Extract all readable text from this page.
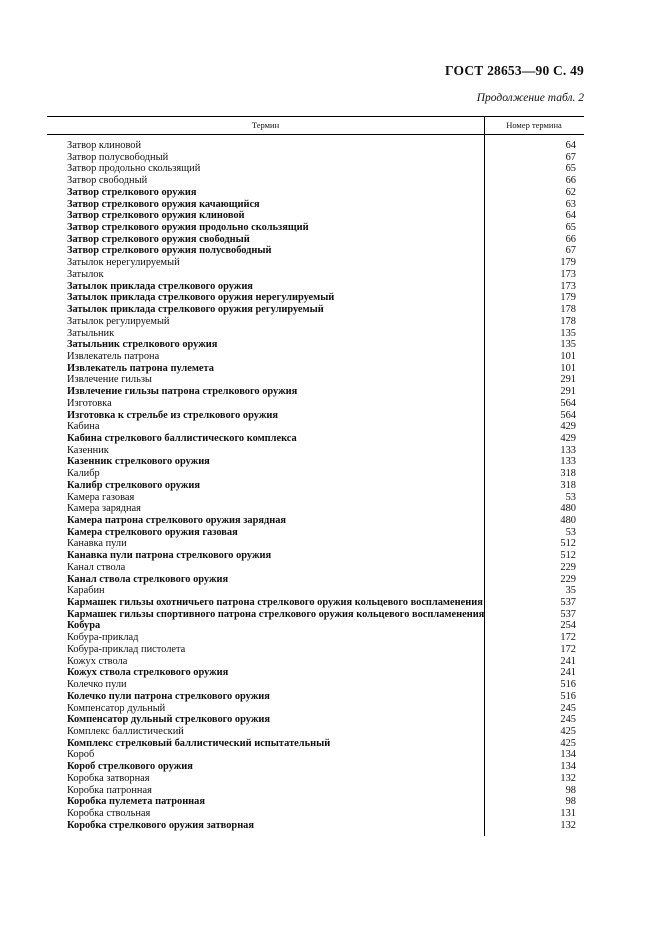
ГОСТ 28653—90 С. 49
Продолжение табл. 2
Термин	Номер термина
Затвор клиновой	64
Затвор полусвободный	67
Затвор продольно скользящий	65
Затвор свободный	66
Затвор стрелкового оружия	62
Затвор стрелкового оружия качающийся	63
Затвор стрелкового оружия клиновой	64
Затвор стрелкового оружия продольно скользящий	65
Затвор стрелкового оружия свободный	66
Затвор стрелкового оружия полусвободный	67
Затылок нерегулируемый	179
Затылок	173
Затылок приклада стрелкового оружия	173
Затылок приклада стрелкового оружия нерегулируемый	179
Затылок приклада стрелкового оружия регулируемый	178
Затылок регулируемый	178
Затыльник	135
Затыльник стрелкового оружия	135
Извлекатель патрона	101
Извлекатель патрона пулемета	101
Извлечение гильзы	291
Извлечение гильзы патрона стрелкового оружия	291
Изготовка	564
Изготовка к стрельбе из стрелкового оружия	564
Кабина	429
Кабина стрелкового баллистического комплекса	429
Казенник	133
Казенник стрелкового оружия	133
Калибр	318
Калибр стрелкового оружия	318
Камера газовая	53
Камера зарядная	480
Камера патрона стрелкового оружия зарядная	480
Камера стрелкового оружия газовая	53
Канавка пули	512
Канавка пули патрона стрелкового оружия	512
Канал ствола	229
Канал ствола стрелкового оружия	229
Карабин	35
Кармашек гильзы охотничьего патрона стрелкового оружия кольцевого воспламенения	537
Кармашек гильзы спортивного патрона стрелкового оружия кольцевого воспламенения	537
Кобура	254
Кобура-приклад	172
Кобура-приклад пистолета	172
Кожух ствола	241
Кожух ствола стрелкового оружия	241
Колечко пули	516
Колечко пули патрона стрелкового оружия	516
Компенсатор дульный	245
Компенсатор дульный стрелкового оружия	245
Комплекс баллистический	425
Комплекс стрелковый баллистический испытательный	425
Короб	134
Короб стрелкового оружия	134
Коробка затворная	132
Коробка патронная	98
Коробка пулемета патронная	98
Коробка ствольная	131
Коробка стрелкового оружия затворная	132
